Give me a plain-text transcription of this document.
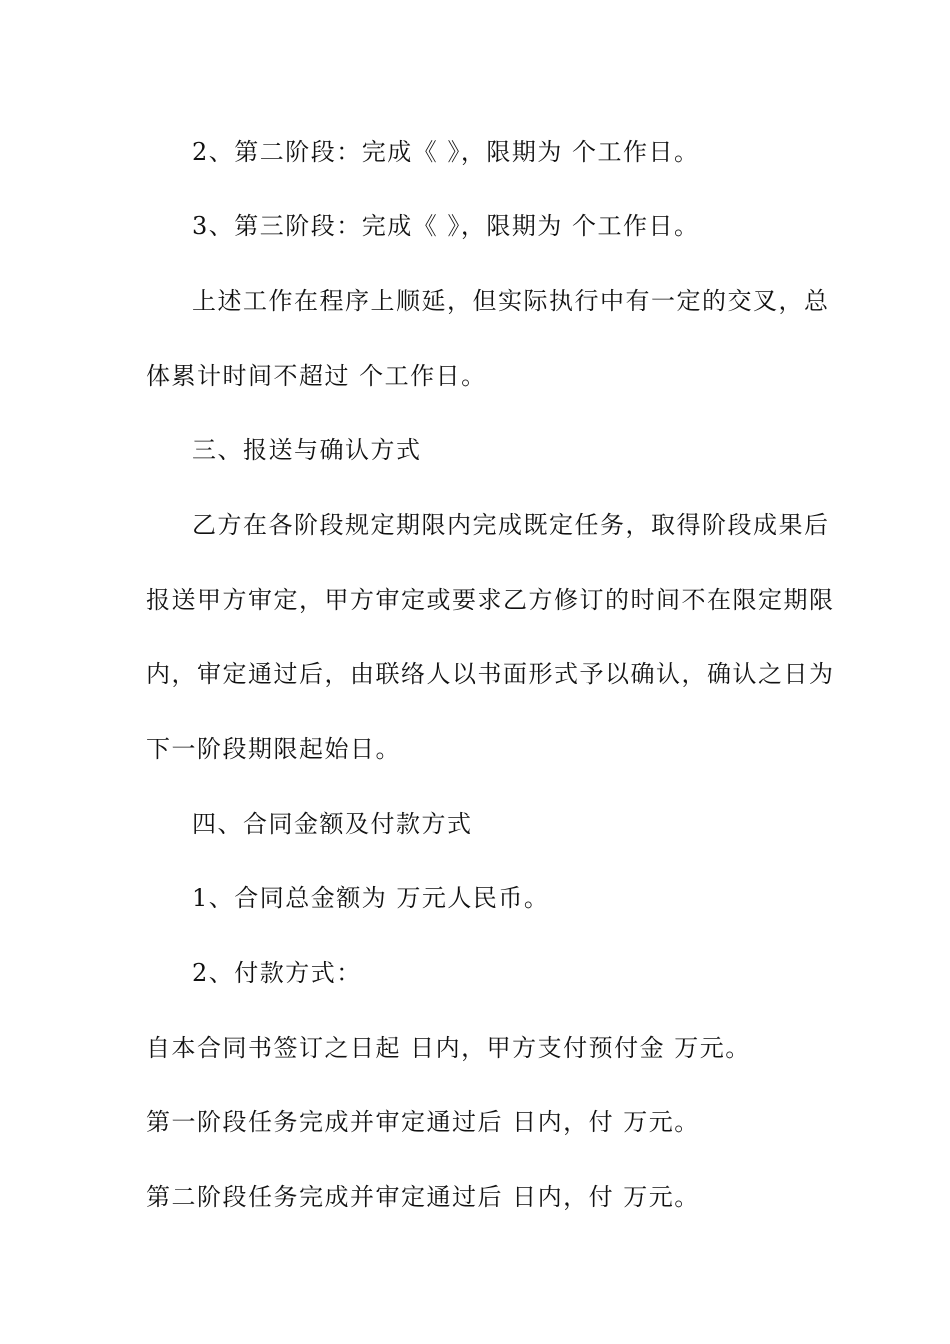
2、第二阶段：完成《 》，限期为 个工作日。
3、第三阶段：完成《 》，限期为 个工作日。
上述工作在程序上顺延，但实际执行中有一定的交叉，总
体累计时间不超过 个工作日。
三、报送与确认方式
乙方在各阶段规定期限内完成既定任务，取得阶段成果后
报送甲方审定，甲方审定或要求乙方修订的时间不在限定期限
内，审定通过后，由联络人以书面形式予以确认，确认之日为
下一阶段期限起始日。
四、合同金额及付款方式
1、合同总金额为 万元人民币。
2、付款方式：
自本合同书签订之日起 日内，甲方支付预付金 万元。
第一阶段任务完成并审定通过后 日内，付 万元。
第二阶段任务完成并审定通过后 日内，付 万元。
